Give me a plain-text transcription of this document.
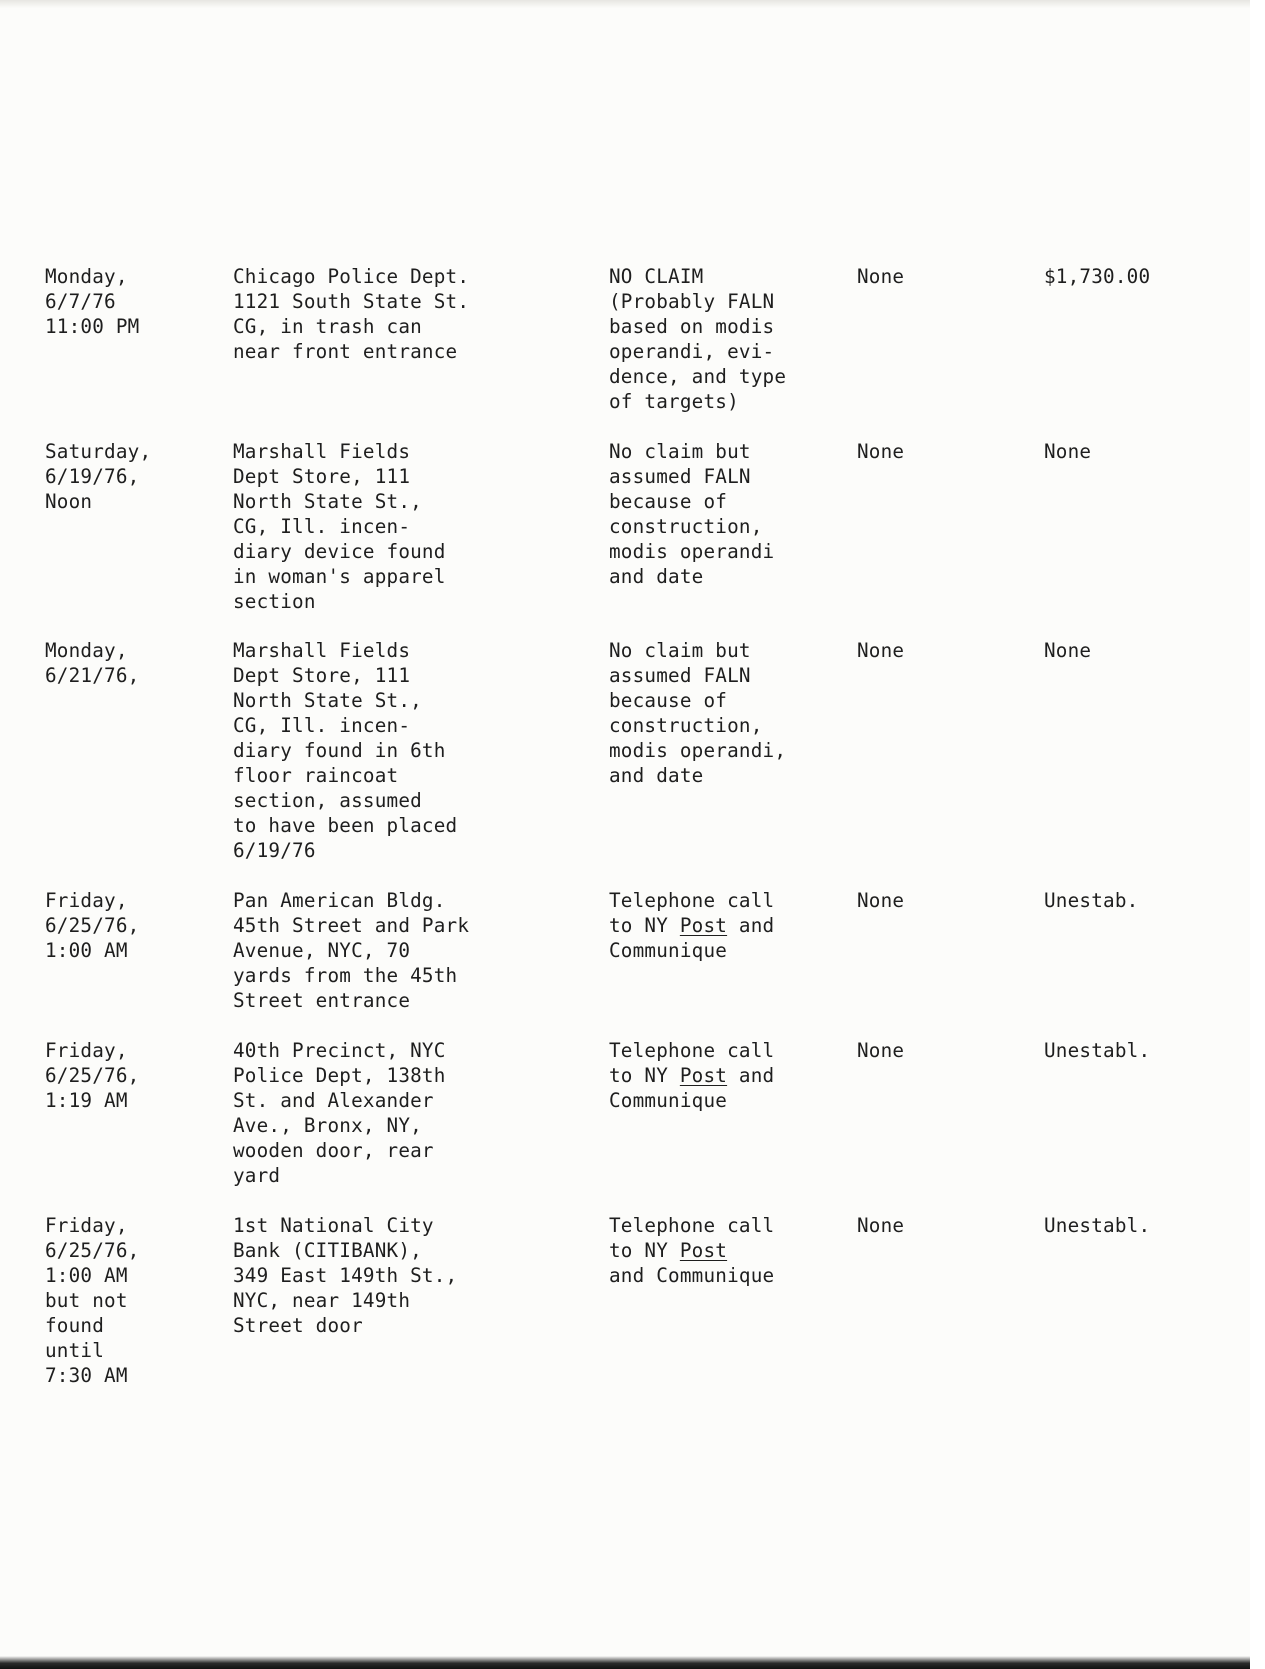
Monday,
6/7/76
11:00 PM

Chicago Police Dept.
1121 South State St.
CG, in trash can
near front entrance

NO CLAIM
(Probably FALN
based on modis
operandi, evi-
dence, and type
of targets)

None	$1,730.00

Saturday,
6/19/76,
Noon

Marshall Fields
Dept Store, 111
North State St.,
CG, Ill. incen-
diary device found
in woman's apparel
section

No claim but
assumed FALN
because of
construction,
modis operandi
and date

None	None

Monday,
6/21/76,

Marshall Fields
Dept Store, 111
North State St.,
CG, Ill. incen-
diary found in 6th
floor raincoat
section, assumed
to have been placed
6/19/76

No claim but
assumed FALN
because of
construction,
modis operandi,
and date

None	None

Friday,
6/25/76,
1:00 AM

Pan American Bldg.
45th Street and Park
Avenue, NYC, 70
yards from the 45th
Street entrance

Telephone call
to NY Post and
Communique

None	Unestab.

Friday,
6/25/76,
1:19 AM

40th Precinct, NYC
Police Dept, 138th
St. and Alexander
Ave., Bronx, NY,
wooden door, rear
yard

Telephone call
to NY Post and
Communique

None	Unestabl.

Friday,
6/25/76,
1:00 AM
but not
found
until
7:30 AM

1st National City
Bank (CITIBANK),
349 East 149th St.,
NYC, near 149th
Street door

Telephone call
to NY Post
and Communique

None	Unestabl.
